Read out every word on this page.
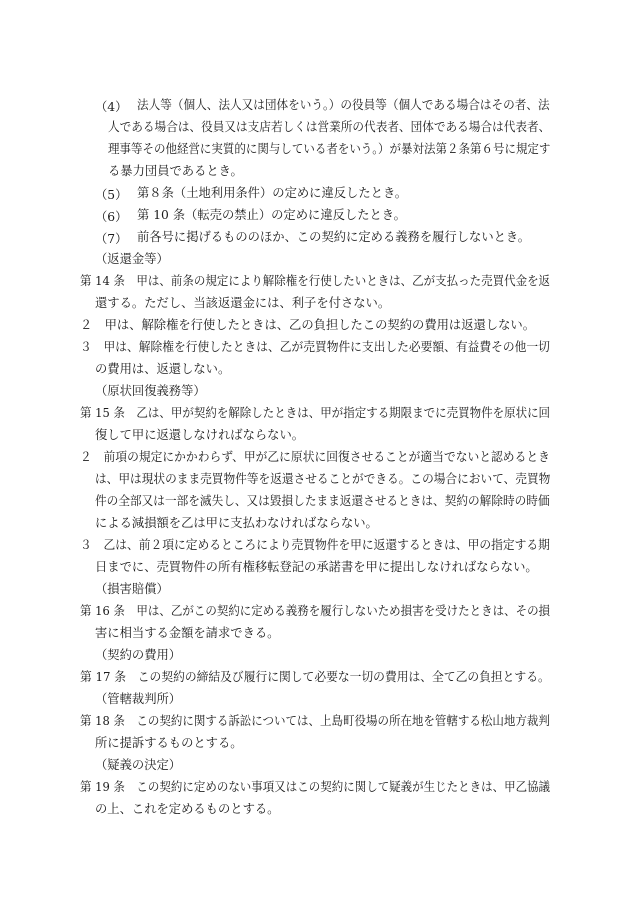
（4） 法人等（個人、法人又は団体をいう。）の役員等（個人である場合はその者、法
人である場合は、役員又は支店若しくは営業所の代表者、団体である場合は代表者、
理事等その他経営に実質的に関与している者をいう。）が暴対法第２条第６号に規定す
る暴力団員であるとき。
（5） 第８条（土地利用条件）の定めに違反したとき。
（6） 第 10 条（転売の禁止）の定めに違反したとき。
（7） 前各号に掲げるもののほか、この契約に定める義務を履行しないとき。
（返還金等）
第 14 条　甲は、前条の規定により解除権を行使したいときは、乙が支払った売買代金を返
還する。ただし、当該返還金には、利子を付さない。
２　甲は、解除権を行使したときは、乙の負担したこの契約の費用は返還しない。
３　甲は、解除権を行使したときは、乙が売買物件に支出した必要額、有益費その他一切
の費用は、返還しない。
（原状回復義務等）
第 15 条　乙は、甲が契約を解除したときは、甲が指定する期限までに売買物件を原状に回
復して甲に返還しなければならない。
２　前項の規定にかかわらず、甲が乙に原状に回復させることが適当でないと認めるとき
は、甲は現状のまま売買物件等を返還させることができる。この場合において、売買物
件の全部又は一部を滅失し、又は毀損したまま返還させるときは、契約の解除時の時価
による減損額を乙は甲に支払わなければならない。
３　乙は、前２項に定めるところにより売買物件を甲に返還するときは、甲の指定する期
日までに、売買物件の所有権移転登記の承諾書を甲に提出しなければならない。
（損害賠償）
第 16 条　甲は、乙がこの契約に定める義務を履行しないため損害を受けたときは、その損
害に相当する金額を請求できる。
（契約の費用）
第 17 条　この契約の締結及び履行に関して必要な一切の費用は、全て乙の負担とする。
（管轄裁判所）
第 18 条　この契約に関する訴訟については、上島町役場の所在地を管轄する松山地方裁判
所に提訴するものとする。
（疑義の決定）
第 19 条　この契約に定めのない事項又はこの契約に関して疑義が生じたときは、甲乙協議
の上、これを定めるものとする。
